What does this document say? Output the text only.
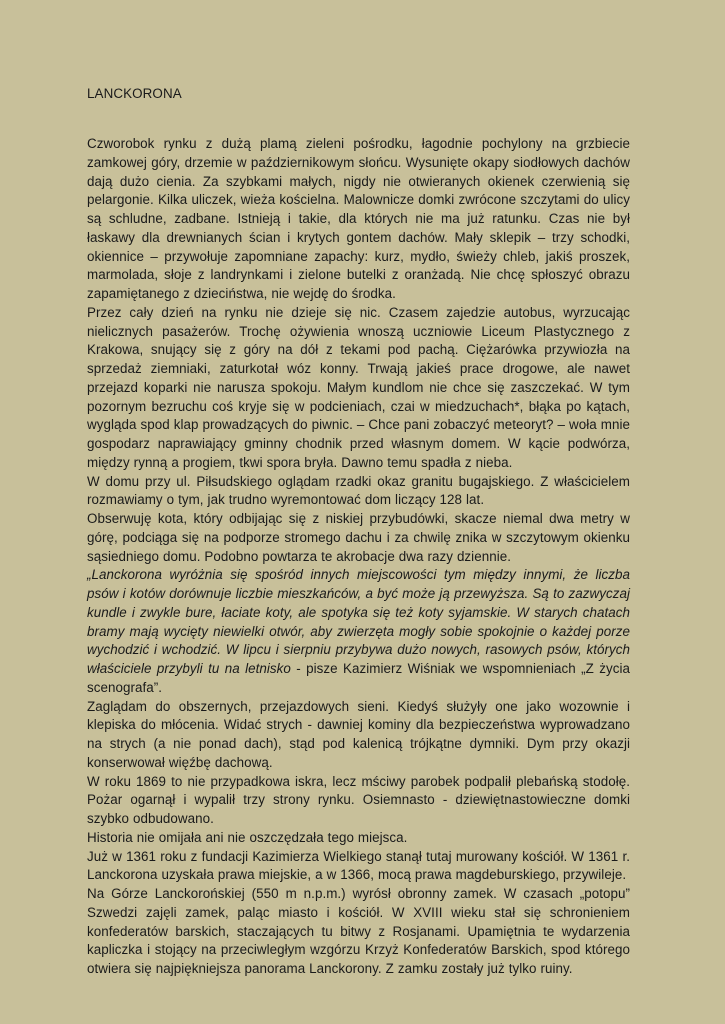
LANCKORONA

Czworobok rynku z dużą plamą zieleni pośrodku, łagodnie pochylony na grzbiecie zamkowej góry, drzemie w październikowym słońcu. Wysunięte okapy siodłowych dachów dają dużo cienia. Za szybkami małych, nigdy nie otwieranych okienek czerwienią się pelargonie. Kilka uliczek, wieża kościelna. Malownicze domki zwrócone szczytami do ulicy są schludne, zadbane. Istnieją i takie, dla których nie ma już ratunku. Czas nie był łaskawy dla drewnianych ścian i krytych gontem dachów. Mały sklepik – trzy schodki, okiennice – przywołuje zapomniane zapachy: kurz, mydło, świeży chleb, jakiś proszek, marmolada, słoje z landrynkami i zielone butelki z oranżadą. Nie chcę spłoszyć obrazu zapamiętanego z dzieciństwa, nie wejdę do środka.

Przez cały dzień na rynku nie dzieje się nic. Czasem zajedzie autobus, wyrzucając nielicznych pasażerów. Trochę ożywienia wnoszą uczniowie Liceum Plastycznego z Krakowa, snujący się z góry na dół z tekami pod pachą. Ciężarówka przywiozła na sprzedaż ziemniaki, zaturkotał wóz konny. Trwają jakieś prace drogowe, ale nawet przejazd koparki nie narusza spokoju. Małym kundlom nie chce się zaszczekać. W tym pozornym bezruchu coś kryje się w podcieniach, czai w miedzuchach*, błąka po kątach, wygląda spod klap prowadzących do piwnic. – Chce pani zobaczyć meteoryt? – woła mnie gospodarz naprawiający gminny chodnik przed własnym domem. W kącie podwórza, między rynną a progiem, tkwi spora bryła. Dawno temu spadła z nieba.

W domu przy ul. Piłsudskiego oglądam rzadki okaz granitu bugajskiego. Z właścicielem rozmawiamy o tym, jak trudno wyremontować dom liczący 128 lat.

Obserwuję kota, który odbijając się z niskiej przybudówki, skacze niemal dwa metry w górę, podciąga się na podporze stromego dachu i za chwilę znika w szczytowym okienku sąsiedniego domu. Podobno powtarza te akrobacje dwa razy dziennie.

„Lanckorona wyróżnia się spośród innych miejscowości tym między innymi, że liczba psów i kotów dorównuje liczbie mieszkańców, a być może ją przewyższa. Są to zazwyczaj kundle i zwykle bure, łaciate koty, ale spotyka się też koty syjamskie. W starych chatach bramy mają wycięty niewielki otwór, aby zwierzęta mogły sobie spokojnie o każdej porze wychodzić i wchodzić. W lipcu i sierpniu przybywa dużo nowych, rasowych psów, których właściciele przybyli tu na letnisko - pisze Kazimierz Wiśniak we wspomnieniach „Z życia scenografa”.

Zaglądam do obszernych, przejazdowych sieni. Kiedyś służyły one jako wozownie i klepiska do młócenia. Widać strych - dawniej kominy dla bezpieczeństwa wyprowadzano na strych (a nie ponad dach), stąd pod kalenicą trójkątne dymniki. Dym przy okazji konserwował więźbę dachową.

W roku 1869 to nie przypadkowa iskra, lecz mściwy parobek podpalił plebańską stodołę. Pożar ogarnął i wypalił trzy strony rynku. Osiemnasto - dziewiętnastowieczne domki szybko odbudowano.

Historia nie omijała ani nie oszczędzała tego miejsca.

Już w 1361 roku z fundacji Kazimierza Wielkiego stanął tutaj murowany kościół. W 1361 r. Lanckorona uzyskała prawa miejskie, a w 1366, mocą prawa magdeburskiego, przywileje.

Na Górze Lanckorońskiej (550 m n.p.m.) wyrósł obronny zamek. W czasach „potopu” Szwedzi zajęli zamek, paląc miasto i kościół. W XVIII wieku stał się schronieniem konfederatów barskich, staczających tu bitwy z Rosjanami. Upamiętnia te wydarzenia kapliczka i stojący na przeciwległym wzgórzu Krzyż Konfederatów Barskich, spod którego otwiera się najpiękniejsza panorama Lanckorony. Z zamku zostały już tylko ruiny.
